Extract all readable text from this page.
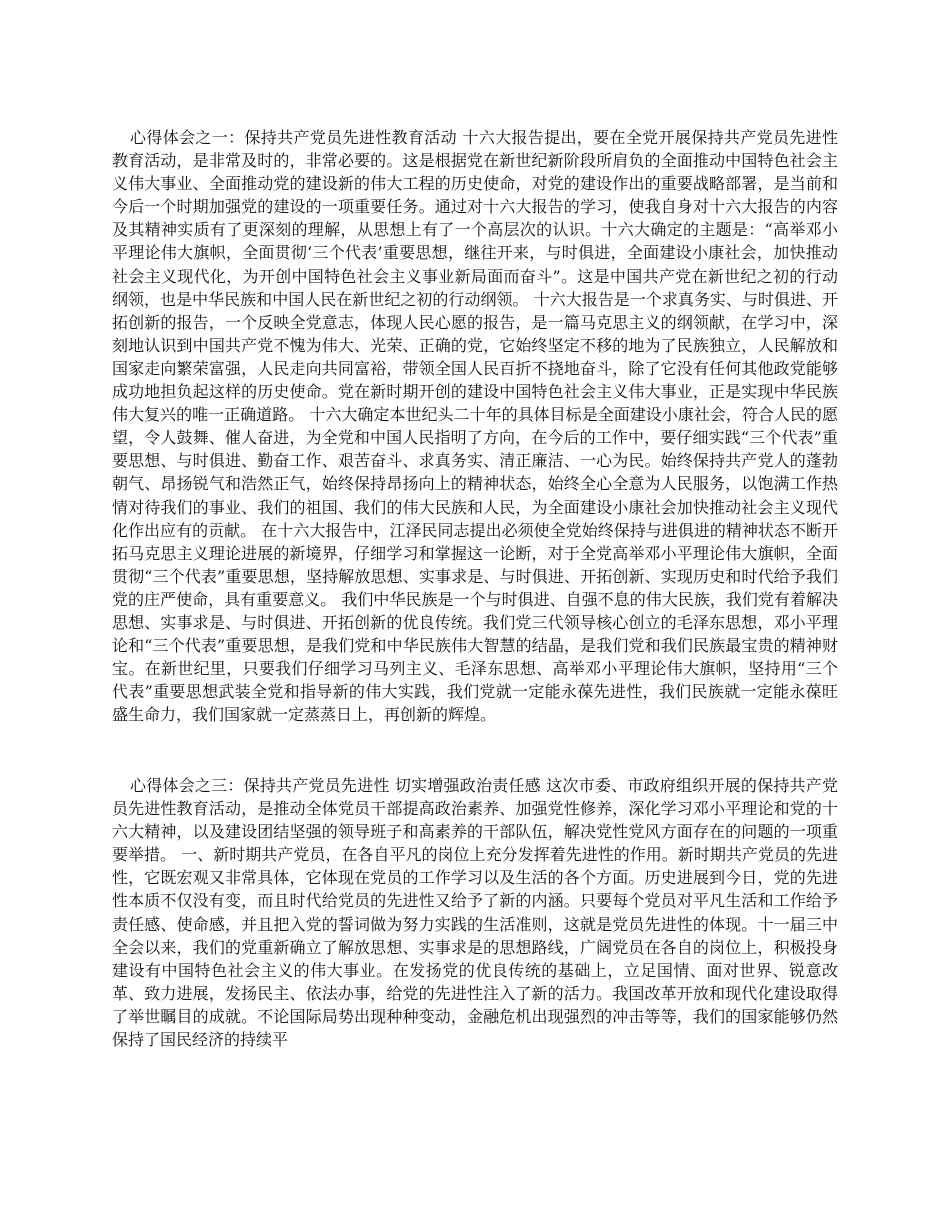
心得体会之一：保持共产党员先进性教育活动 十六大报告提出，要在全党开展保持共产党员先进性教育活动，是非常及时的，非常必要的。这是根据党在新世纪新阶段所肩负的全面推动中国特色社会主义伟大事业、全面推动党的建设新的伟大工程的历史使命，对党的建设作出的重要战略部署，是当前和今后一个时期加强党的建设的一项重要任务。通过对十六大报告的学习，使我自身对十六大报告的内容及其精神实质有了更深刻的理解，从思想上有了一个高层次的认识。十六大确定的主题是：“高举邓小平理论伟大旗帜，全面贯彻‘三个代表’重要思想，继往开来，与时俱进，全面建设小康社会，加快推动社会主义现代化，为开创中国特色社会主义事业新局面而奋斗”。这是中国共产党在新世纪之初的行动纲领，也是中华民族和中国人民在新世纪之初的行动纲领。 十六大报告是一个求真务实、与时俱进、开拓创新的报告，一个反映全党意志，体现人民心愿的报告，是一篇马克思主义的纲领献，在学习中，深刻地认识到中国共产党不愧为伟大、光荣、正确的党，它始终坚定不移的地为了民族独立，人民解放和国家走向繁荣富强，人民走向共同富裕，带领全国人民百折不挠地奋斗，除了它没有任何其他政党能够成功地担负起这样的历史使命。党在新时期开创的建设中国特色社会主义伟大事业，正是实现中华民族伟大复兴的唯一正确道路。 十六大确定本世纪头二十年的具体目标是全面建设小康社会，符合人民的愿望，令人鼓舞、催人奋进，为全党和中国人民指明了方向，在今后的工作中，要仔细实践“三个代表”重要思想、与时俱进、勤奋工作、艰苦奋斗、求真务实、清正廉洁、一心为民。始终保持共产党人的蓬勃朝气、昂扬锐气和浩然正气，始终保持昂扬向上的精神状态，始终全心全意为人民服务，以饱满工作热情对待我们的事业、我们的祖国、我们的伟大民族和人民，为全面建设小康社会加快推动社会主义现代化作出应有的贡献。 在十六大报告中，江泽民同志提出必须使全党始终保持与进俱进的精神状态不断开拓马克思主义理论进展的新境界，仔细学习和掌握这一论断，对于全党高举邓小平理论伟大旗帜，全面贯彻“三个代表”重要思想，坚持解放思想、实事求是、与时俱进、开拓创新、实现历史和时代给予我们党的庄严使命，具有重要意义。 我们中华民族是一个与时俱进、自强不息的伟大民族，我们党有着解决思想、实事求是、与时俱进、开拓创新的优良传统。我们党三代领导核心创立的毛泽东思想，邓小平理论和“三个代表”重要思想，是我们党和中华民族伟大智慧的结晶，是我们党和我们民族最宝贵的精神财宝。在新世纪里，只要我们仔细学习马列主义、毛泽东思想、高举邓小平理论伟大旗帜，坚持用“三个代表”重要思想武装全党和指导新的伟大实践，我们党就一定能永葆先进性，我们民族就一定能永葆旺盛生命力，我们国家就一定蒸蒸日上，再创新的辉煌。

心得体会之三：保持共产党员先进性 切实增强政治责任感 这次市委、市政府组织开展的保持共产党员先进性教育活动，是推动全体党员干部提高政治素养、加强党性修养，深化学习邓小平理论和党的十六大精神，以及建设团结坚强的领导班子和高素养的干部队伍，解决党性党风方面存在的问题的一项重要举措。 一、新时期共产党员，在各自平凡的岗位上充分发挥着先进性的作用。新时期共产党员的先进性，它既宏观又非常具体，它体现在党员的工作学习以及生活的各个方面。历史进展到今日，党的先进性本质不仅没有变，而且时代给党员的先进性又给予了新的内涵。只要每个党员对平凡生活和工作给予责任感、使命感，并且把入党的誓词做为努力实践的生活准则，这就是党员先进性的体现。十一届三中全会以来，我们的党重新确立了解放思想、实事求是的思想路线，广阔党员在各自的岗位上，积极投身建设有中国特色社会主义的伟大事业。在发扬党的优良传统的基础上，立足国情、面对世界、锐意改革、致力进展，发扬民主、依法办事，给党的先进性注入了新的活力。我国改革开放和现代化建设取得了举世瞩目的成就。不论国际局势出现种种变动，金融危机出现强烈的冲击等等，我们的国家能够仍然保持了国民经济的持续平
